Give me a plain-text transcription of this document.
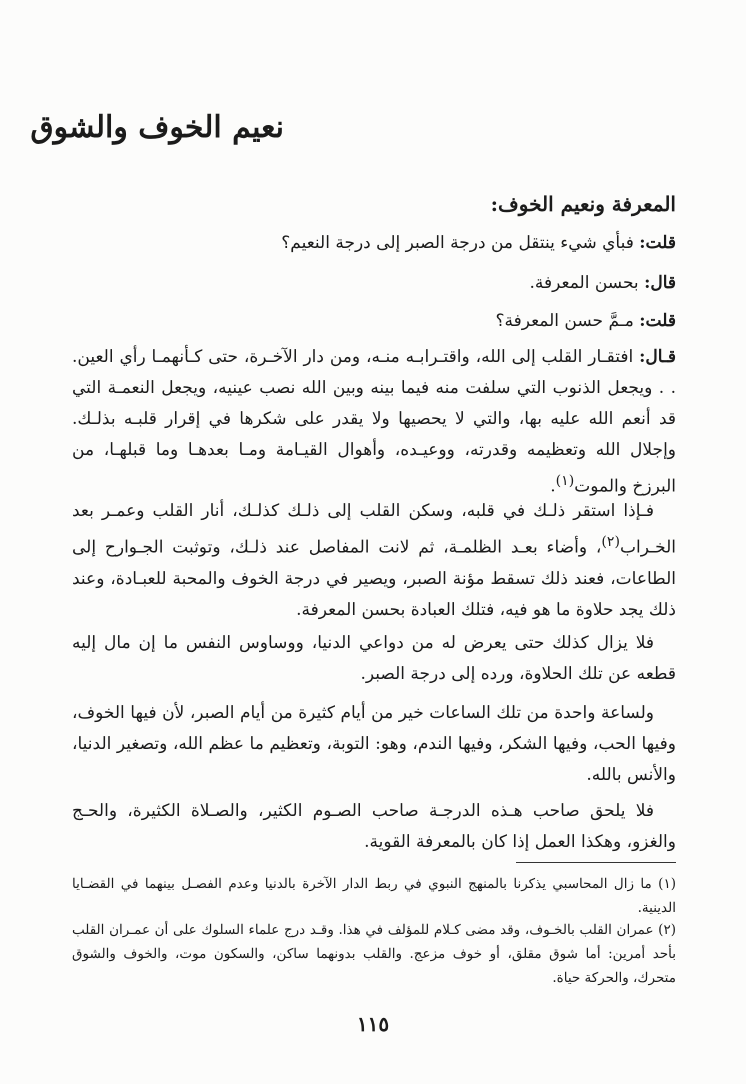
نعيم الخوف والشوق
المعرفة ونعيم الخوف:
قلت: فبأي شيء ينتقل من درجة الصبر إلى درجة النعيم؟
قال: بحسن المعرفة.
قلت: مـمَّ حسن المعرفة؟

قـال: افتقـار القلب إلى الله، واقتـرابـه منـه، ومن دار الآخـرة، حتى كـأنهمـا رأي العين. . . ويجعل الذنوب التي سلفت منه فيما بينه وبين الله نصب عينيه، ويجعل النعمـة التي قد أنعم الله عليه بها، والتي لا يحصيها ولا يقدر على شكرها في إقرار قلبـه بذلـك. وإجلال الله وتعظيمه وقدرته، ووعيـده، وأهوال القيـامة ومـا بعدهـا وما قبلهـا، من البرزخ والموت$^{(١)}$.

فـإذا استقر ذلـك في قلبه، وسكن القلب إلى ذلـك كذلـك، أنار القلب وعمـر بعد الخـراب$^{(٢)}$، وأضاء بعـد الظلمـة، ثم لانت المفاصل عند ذلـك، وتوثبت الجـوارح إلى الطاعات، فعند ذلك تسقط مؤنة الصبر، ويصير في درجة الخوف والمحبة للعبـادة، وعند ذلك يجد حلاوة ما هو فيه، فتلك العبادة بحسن المعرفة.

فلا يزال كذلك حتى يعرض له من دواعي الدنيا، ووساوس النفس ما إن مال إليه قطعه عن تلك الحلاوة، ورده إلى درجة الصبر.

ولساعة واحدة من تلك الساعات خير من أيام كثيرة من أيام الصبر، لأن فيها الخوف، وفيها الحب، وفيها الشكر، وفيها الندم، وهو: التوبة، وتعظيم ما عظم الله، وتصغير الدنيا، والأنس بالله.

فلا يلحق صاحب هـذه الدرجـة صاحب الصـوم الكثير، والصـلاة الكثيرة، والحـج والغزو، وهكذا العمل إذا كان بالمعرفة القوية.

(١) ما زال المحاسبي يذكرنا بالمنهج النبوي في ربط الدار الآخرة بالدنيا وعدم الفصـل بينهما في القضـايا الدينية.

(٢) عمران القلب بالخـوف، وقد مضى كـلام للمؤلف في هذا. وقـد درج علماء السلوك على أن عمـران القلب بأحد أمرين: أما شوق مقلق، أو خوف مزعج. والقلب بدونهما ساكن، والسكون موت، والخوف والشوق متحرك، والحركة حياة.

١١٥
